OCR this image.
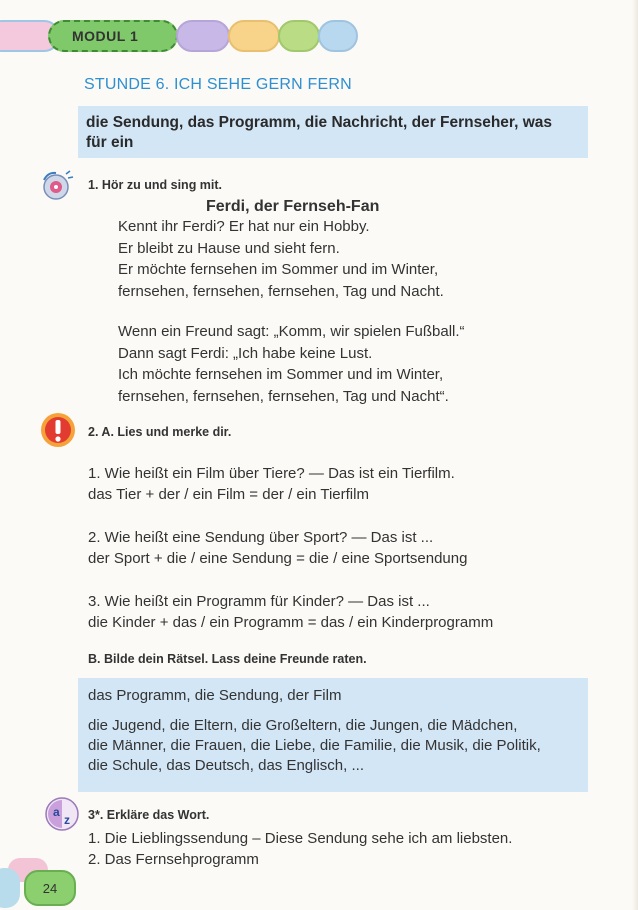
MODUL 1
STUNDE 6. ICH SEHE GERN FERN
die Sendung, das Programm, die Nachricht, der Fernseher, was
für ein
1. Hör zu und sing mit.
Ferdi, der Fernseh-Fan
Kennt ihr Ferdi? Er hat nur ein Hobby.
Er bleibt zu Hause und sieht fern.
Er möchte fernsehen im Sommer und im Winter,
fernsehen, fernsehen, fernsehen, Tag und Nacht.
Wenn ein Freund sagt: „Komm, wir spielen Fußball.“
Dann sagt Ferdi: „Ich habe keine Lust.
Ich möchte fernsehen im Sommer und im Winter,
fernsehen, fernsehen, fernsehen, Tag und Nacht“.
2. A. Lies und merke dir.
1. Wie heißt ein Film über Tiere? — Das ist ein Tierfilm.
das Tier + der / ein Film = der / ein Tierfilm
2. Wie heißt eine Sendung über Sport? — Das ist ...
der Sport + die / eine Sendung = die / eine Sportsendung
3. Wie heißt ein Programm für Kinder? — Das ist ...
die Kinder + das / ein Programm = das / ein Kinderprogramm
B. Bilde dein Rätsel. Lass deine Freunde raten.
das Programm, die Sendung, der Film
die Jugend, die Eltern, die Großeltern, die Jungen, die Mädchen,
die Männer, die Frauen, die Liebe, die Familie, die Musik, die Politik,
die Schule, das Deutsch, das Englisch, ...
a
z 3*. Erkläre das Wort.
1. Die Lieblingssendung – Diese Sendung sehe ich am liebsten.
2. Das Fernsehprogramm
24
